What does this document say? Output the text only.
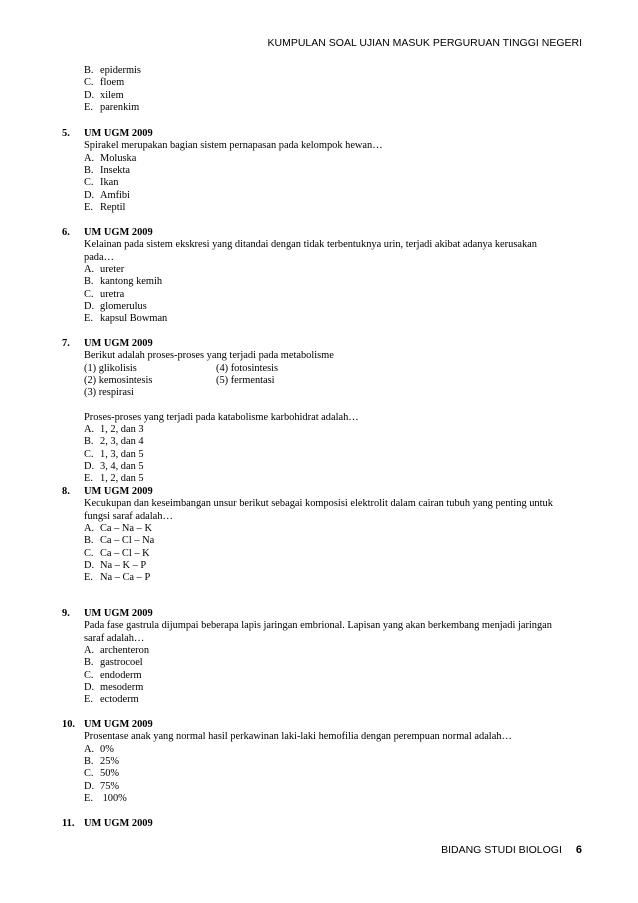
KUMPULAN SOAL UJIAN MASUK PERGURUAN TINGGI NEGERI
B. epidermis
C. floem
D. xilem
E. parenkim
5. UM UGM 2009
Spirakel merupakan bagian sistem pernapasan pada kelompok hewan…
A. Moluska
B. Insekta
C. Ikan
D. Amfibi
E. Reptil
6. UM UGM 2009
Kelainan pada sistem ekskresi yang ditandai dengan tidak terbentuknya urin, terjadi akibat adanya kerusakan
pada…
A. ureter
B. kantong kemih
C. uretra
D. glomerulus
E. kapsul Bowman
7. UM UGM 2009
Berikut adalah proses-proses yang terjadi pada metabolisme
(1) glikolisis	(4) fotosintesis
(2) kemosintesis	(5) fermentasi
(3) respirasi
Proses-proses yang terjadi pada katabolisme karbohidrat adalah…
A. 1, 2, dan 3
B. 2, 3, dan 4
C. 1, 3, dan 5
D. 3, 4, dan 5
E. 1, 2, dan 5
8. UM UGM 2009
Kecukupan dan keseimbangan unsur berikut sebagai komposisi elektrolit dalam cairan tubuh yang penting untuk
fungsi saraf adalah…
A. Ca – Na – K
B. Ca – Cl – Na
C. Ca – Cl – K
D. Na – K – P
E. Na – Ca – P
9. UM UGM 2009
Pada fase gastrula dijumpai beberapa lapis jaringan embrional. Lapisan yang akan berkembang menjadi jaringan
saraf adalah…
A. archenteron
B. gastrocoel
C. endoderm
D. mesoderm
E. ectoderm
10. UM UGM 2009
Prosentase anak yang normal hasil perkawinan laki-laki hemofilia dengan perempuan normal adalah…
A. 0%
B. 25%
C. 50%
D. 75%
E. 100%
11. UM UGM 2009
BIDANG STUDI BIOLOGI 6
